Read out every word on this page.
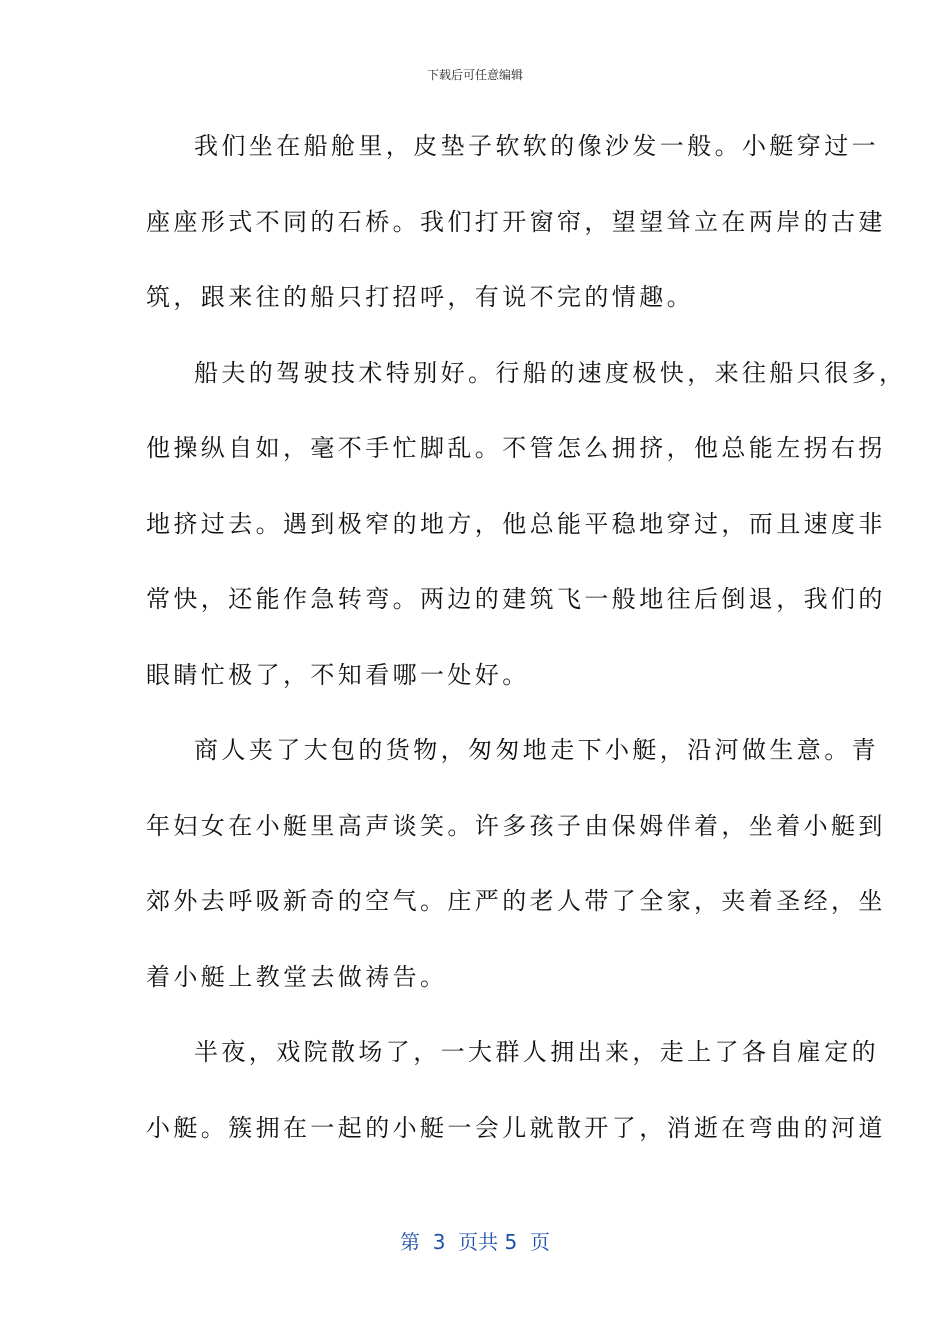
下载后可任意编辑
我们坐在船舱里，皮垫子软软的像沙发一般。小艇穿过一
座座形式不同的石桥。我们打开窗帘，望望耸立在两岸的古建
筑，跟来往的船只打招呼，有说不完的情趣。
船夫的驾驶技术特别好。行船的速度极快，来往船只很多，
他操纵自如，毫不手忙脚乱。不管怎么拥挤，他总能左拐右拐
地挤过去。遇到极窄的地方，他总能平稳地穿过，而且速度非
常快，还能作急转弯。两边的建筑飞一般地往后倒退，我们的
眼睛忙极了，不知看哪一处好。
商人夹了大包的货物，匆匆地走下小艇，沿河做生意。青
年妇女在小艇里高声谈笑。许多孩子由保姆伴着，坐着小艇到
郊外去呼吸新奇的空气。庄严的老人带了全家，夹着圣经，坐
着小艇上教堂去做祷告。
半夜，戏院散场了，一大群人拥出来，走上了各自雇定的
小艇。簇拥在一起的小艇一会儿就散开了，消逝在弯曲的河道
第  3  页共 5  页
